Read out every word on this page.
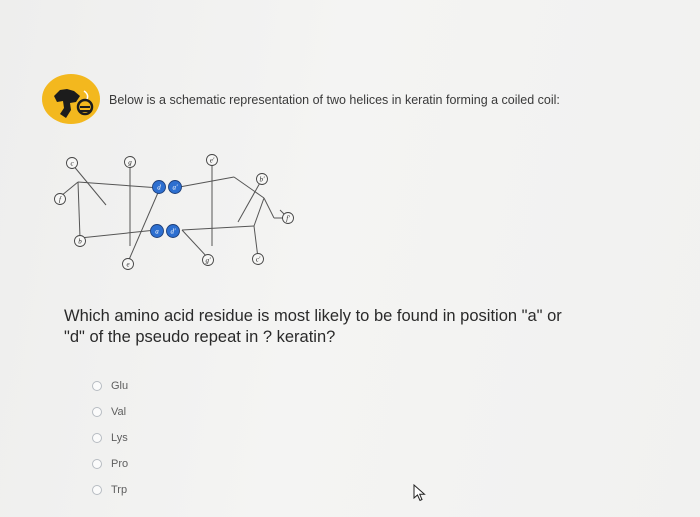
Below is a schematic representation of two helices in keratin forming a coiled coil:
c	g
f
b
e
d a'
a d'
e'
b'
f'
g'	c'
Which amino acid residue is most likely to be found in position "a" or "d" of the pseudo repeat in ? keratin?
Glu
Val
Lys
Pro
Trp
